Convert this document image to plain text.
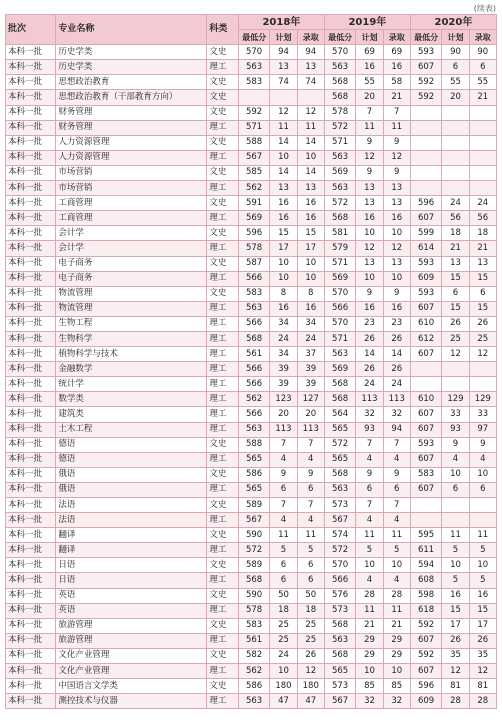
(续表)
批次	专业名称	科类	2018年			2019年			2020年		
			最低分	计划	录取	最低分	计划	录取	最低分	计划	录取
本科一批	历史学类	文史	570	94	94	570	69	69	593	90	90
本科一批	历史学类	理工	563	13	13	563	16	16	607	6	6
本科一批	思想政治教育	文史	583	74	74	568	55	58	592	55	55
本科一批	思想政治教育（干部教育方向）	文史				568	20	21	592	20	21
本科一批	财务管理	文史	592	12	12	578	7	7			
本科一批	财务管理	理工	571	11	11	572	11	11			
本科一批	人力资源管理	文史	588	14	14	571	9	9			
本科一批	人力资源管理	理工	567	10	10	563	12	12			
本科一批	市场营销	文史	585	14	14	569	9	9			
本科一批	市场营销	理工	562	13	13	563	13	13			
本科一批	工商管理	文史	591	16	16	572	13	13	596	24	24
本科一批	工商管理	理工	569	16	16	568	16	16	607	56	56
本科一批	会计学	文史	596	15	15	581	10	10	599	18	18
本科一批	会计学	理工	578	17	17	579	12	12	614	21	21
本科一批	电子商务	文史	587	10	10	571	13	13	593	13	13
本科一批	电子商务	理工	566	10	10	569	10	10	609	15	15
本科一批	物流管理	文史	583	8	8	570	9	9	593	6	6
本科一批	物流管理	理工	563	16	16	566	16	16	607	15	15
本科一批	生物工程	理工	566	34	34	570	23	23	610	26	26
本科一批	生物科学	理工	568	24	24	571	26	26	612	25	25
本科一批	植物科学与技术	理工	561	34	37	563	14	14	607	12	12
本科一批	金融数学	理工	566	39	39	569	26	26			
本科一批	统计学	理工	566	39	39	568	24	24			
本科一批	数学类	理工	562	123	127	568	113	113	610	129	129
本科一批	建筑类	理工	566	20	20	564	32	32	607	33	33
本科一批	土木工程	理工	563	113	113	565	93	94	607	93	97
本科一批	德语	文史	588	7	7	572	7	7	593	9	9
本科一批	德语	理工	565	4	4	565	4	4	607	4	4
本科一批	俄语	文史	586	9	9	568	9	9	583	10	10
本科一批	俄语	理工	565	6	6	563	6	6	607	6	6
本科一批	法语	文史	589	7	7	573	7	7			
本科一批	法语	理工	567	4	4	567	4	4			
本科一批	翻译	文史	590	11	11	574	11	11	595	11	11
本科一批	翻译	理工	572	5	5	572	5	5	611	5	5
本科一批	日语	文史	589	6	6	570	10	10	594	10	10
本科一批	日语	理工	568	6	6	566	4	4	608	5	5
本科一批	英语	文史	590	50	50	576	28	28	598	16	16
本科一批	英语	理工	578	18	18	573	11	11	618	15	15
本科一批	旅游管理	文史	583	25	25	568	21	21	592	17	17
本科一批	旅游管理	理工	561	25	25	563	29	29	607	26	26
本科一批	文化产业管理	文史	582	24	26	568	29	29	592	35	35
本科一批	文化产业管理	理工	562	10	12	565	10	10	607	12	12
本科一批	中国语言文学类	文史	586	180	180	573	85	85	596	81	81
本科一批	测控技术与仪器	理工	563	47	47	567	32	32	609	28	28
